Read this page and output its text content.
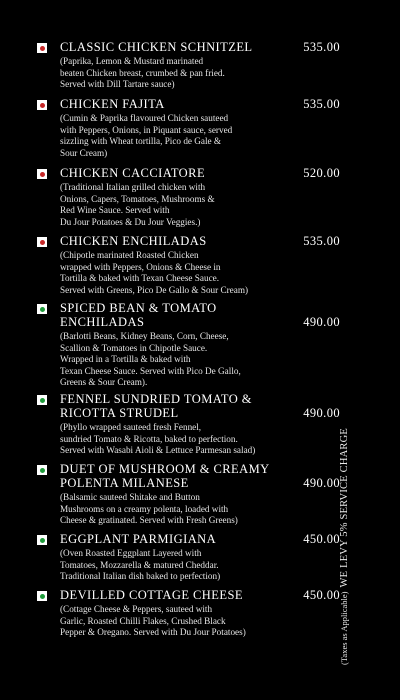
CLASSIC CHICKEN SCHNITZEL	535.00
(Paprika, Lemon & Mustard marinated
beaten Chicken breast, crumbed & pan fried.
Served with Dill Tartare sauce)
CHICKEN FAJITA	535.00
(Cumin & Paprika flavoured Chicken sauteed
with Peppers, Onions, in Piquant sauce, served
sizzling with Wheat tortilla, Pico de Gale &
Sour Cream)
CHICKEN CACCIATORE	520.00
(Traditional Italian grilled chicken with
Onions, Capers, Tomatoes, Mushrooms &
Red Wine Sauce. Served with
Du Jour Potatoes & Du Jour Veggies.)
CHICKEN ENCHILADAS	535.00
(Chipotle marinated Roasted Chicken
wrapped with Peppers, Onions & Cheese in
Tortilla & baked with Texan Cheese Sauce.
Served with Greens, Pico De Gallo & Sour Cream)
SPICED BEAN & TOMATO
ENCHILADAS	490.00
(Barlotti Beans, Kidney Beans, Corn, Cheese,
Scallion & Tomatoes in Chipotle Sauce.
Wrapped in a Tortilla & baked with
Texan Cheese Sauce. Served with Pico De Gallo,
Greens & Sour Cream).
FENNEL SUNDRIED TOMATO &
RICOTTA STRUDEL	490.00
(Phyllo wrapped sauteed fresh Fennel,
sundried Tomato & Ricotta, baked to perfection.
Served with Wasabi Aioli & Lettuce Parmesan salad)
DUET OF MUSHROOM & CREAMY
POLENTA MILANESE	490.00
(Balsamic sauteed Shitake and Button
Mushrooms on a creamy polenta, loaded with
Cheese & gratinated. Served with Fresh Greens)
EGGPLANT PARMIGIANA	450.00
(Oven Roasted Eggplant Layered with
Tomatoes, Mozzarella & matured Cheddar.
Traditional Italian dish baked to perfection)
DEVILLED COTTAGE CHEESE	450.00
(Cottage Cheese & Peppers, sauteed with
Garlic, Roasted Chilli Flakes, Crushed Black
Pepper & Oregano. Served with Du Jour Potatoes)	(Taxes as Applicable)WE LEVY 5% SERVICE CHARGE
